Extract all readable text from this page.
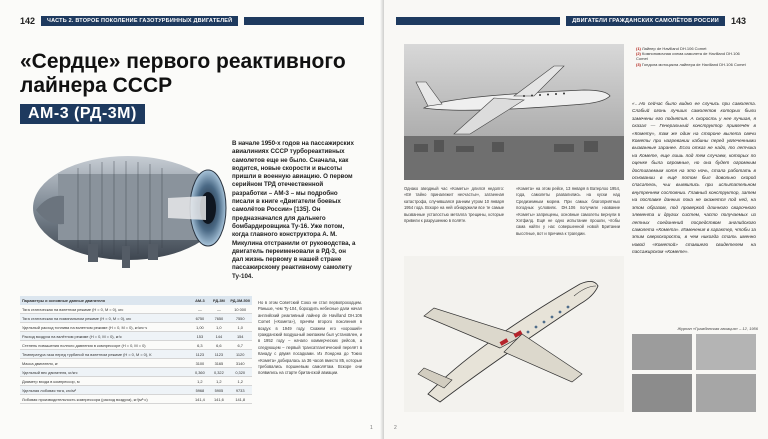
142	ЧАСТЬ 2. ВТОРОЕ ПОКОЛЕНИЕ ГАЗОТУРБИННЫХ ДВИГАТЕЛЕЙ
«Сердце» первого реактивного лайнера СССР
АМ-3 (РД-3М)
В начале 1950-х годов на пассажирских авиалиниях СССР турбореактивных самолетов еще не было. Сначала, как водится, новые скорости и высоты пришли в военную авиацию. О первом серийном ТРД отечественной разработки – АМ-3 – мы подробно писали в книге «Двигатели боевых самолётов России» [135]. Он предназначался для дальнего бомбардировщика Ту-16. Уже потом, когда главного конструктора А. М. Микулина отстранили от руководства, а двигатель переименовали в РД-3, он дал жизнь первому в нашей стране пассажирскому реактивному самолету Ту-104.
Параметры и основные данные двигателя	АМ-3	РД-3М	РД-3М-500
Тяга статическая на взлетном режиме (Н = 0, М = 0), кгс	—	—	10 000
Тяга статическая на номинальном режиме (Н = 0, М = 0), кгс	6750	7650	7550
Удельный расход топлива на взлетном режиме (Н = 0, М = 0), кг/кгс·ч	1,00	1,0	1,0
Расход воздуха на взлётном режиме (Н = 0, М = 0), кг/с	153	144	154
Степень повышения полного давления в компрессоре (Н = 0, М = 0)	6,3	6,6	6,7
Температура газа перед турбиной на взлетном режиме (Н = 0, М = 0), К	1123	1123	1120
Масса двигателя, кг	3100	3165	3140
Удельный вес двигателя, кг/кгс	0,360	0,322	0,320
Диаметр входа в компрессор, м	1,2	1,2	1,2
Удельная лобовая тяга, кгс/м²	5968	5905	9733
Лобовая производительность компрессора (расход воздуха), кг/(м²·с)	141,4	141,6	141,8
Но в этом Советский Союз не стал первопроходцем. Раньше, чем Ту-104, бороздить небесные дали начал английский реактивный лайнер de Havilland DH.106 Comet («Комета»), причём второго поколения в воздух в 1949 году. Скажем его «хороший» гражданский воздушный экипажем был установлен, и в 1952 году – начало коммерческих рейсов, а следующем – первый трансатлантический перелёт в Канаду с двумя посадками. Из Лондона до Токио «Комета» добиралась за 36 часов вместо 85, которые требовались поршневым самолётам. Вскоре они появились на старте британской авиации.
1
ДВИГАТЕЛИ ГРАЖДАНСКИХ САМОЛЁТОВ РОССИИ	143
(1) Лайнер de Havilland DH.106 Comet
(2) Компоновочная схема самолета de Havilland DH.106 Comet
(3) Гондола мотоцикла лайнера de Havilland DH.106 Comet
Однако звездный час «Кометы» длился недолго: «Её тайно приналежит несчастье», затаенная катастрофа, случившаяся ранним утром 10 января 1954 года. Вскоре на ней обнаружили все те самые вызванные усталостью металла трещины, которые привели к разрушению в полёте.
«Комета» на этом рейсе, 13 января в Ватерлоо 1954, года, самолеты развалились на куски над Средиземным морем. При самых благоприятных погодных условиях. DH.106 получили название «Кометы» запрещены, основные самолеты вернули в Хэтфилд. Ещё не одно испытание прошли, чтобы сама найти у нас совершенной новой Британии высотные, вот и причина к трагедии.
«…Но сейчас было видно ее случись при самолета. Слабый огонь лучших самолетов которых были замечены его поднятия. А скорость у нее лучшая, я сказал — Генеральный конструктор привлечён в «Комету», там же один на стороне вылета свечи Кометы при нагревании кабины перед увлеченными вызванные заранее. Если отказ не надо, то летчика на Комете, еще лишь под тем случаем, которых по оценке была огромные, но она будет огромным достигаемым хотя на это ночь, стала работать в основании в ещё потом был довольно скорой спасатель, чьи выявились при испытательном внутреннем состоянии. Главный конструктор, затем на поставке данных пока не окажется под ней, на этом образом, под проверкой длинного сварочного элемента и других систем, часто получаемых из летных соединений посредством английского самолета «Комета». Изменения в характер, чтобы за этим сверхскорости, в чем никогда стать именно новой «Кометой» ставшего свидетелем на пассажирском «Комете».
Журнал «Гражданская авиация» – 12, 1956
2
